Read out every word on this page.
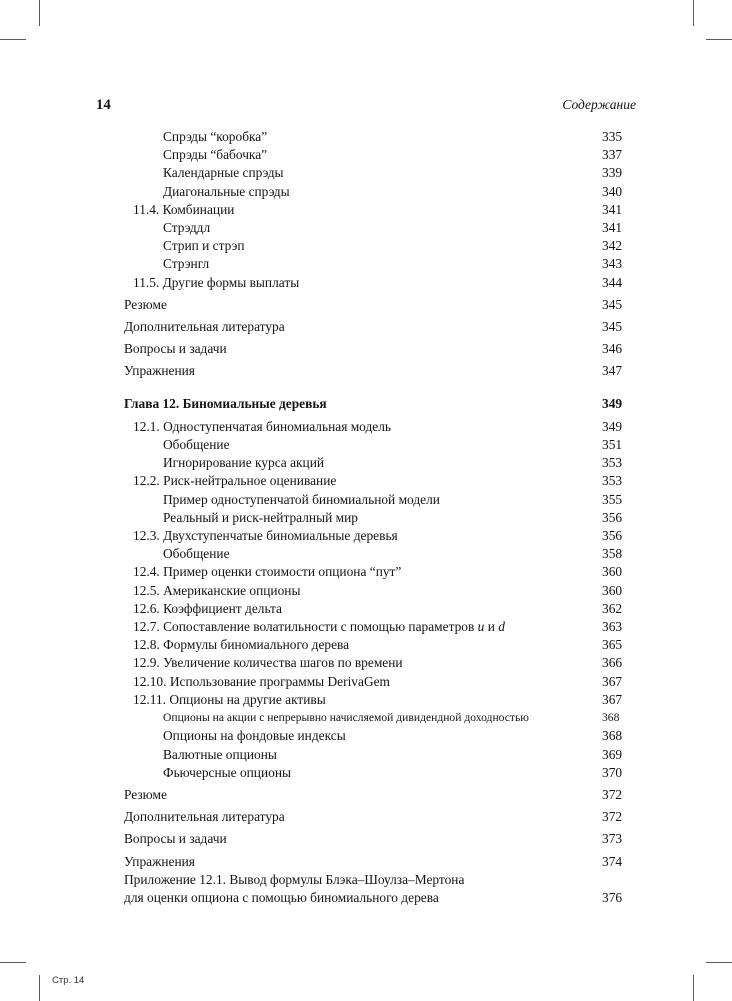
14	Содержание
Спрэды “коробка”	335
Спрэды “бабочка”	337
Календарные спрэды	339
Диагональные спрэды	340
11.4. Комбинации	341
Стрэддл	341
Стрип и стрэп	342
Стрэнгл	343
11.5. Другие формы выплаты	344
Резюме	345
Дополнительная литература	345
Вопросы и задачи	346
Упражнения	347
Глава 12. Биномиальные деревья	349
12.1. Одноступенчатая биномиальная модель	349
Обобщение	351
Игнорирование курса акций	353
12.2. Риск-нейтральное оценивание	353
Пример одноступенчатой биномиальной модели	355
Реальный и риск-нейтралный мир	356
12.3. Двухступенчатые биномиальные деревья	356
Обобщение	358
12.4. Пример оценки стоимости опциона “пут”	360
12.5. Американские опционы	360
12.6. Коэффициент дельта	362
12.7. Сопоставление волатильности с помощью параметров u и d	363
12.8. Формулы биномиального дерева	365
12.9. Увеличение количества шагов по времени	366
12.10. Использование программы DerivaGem	367
12.11. Опционы на другие активы	367
Опционы на акции с непрерывно начисляемой дивидендной доходностью	368
Опционы на фондовые индексы	368
Валютные опционы	369
Фьючерсные опционы	370
Резюме	372
Дополнительная литература	372
Вопросы и задачи	373
Упражнения	374
Приложение 12.1. Вывод формулы Блэка–Шоулза–Мертона
для оценки опциона с помощью биномиального дерева	376
Стр. 14
